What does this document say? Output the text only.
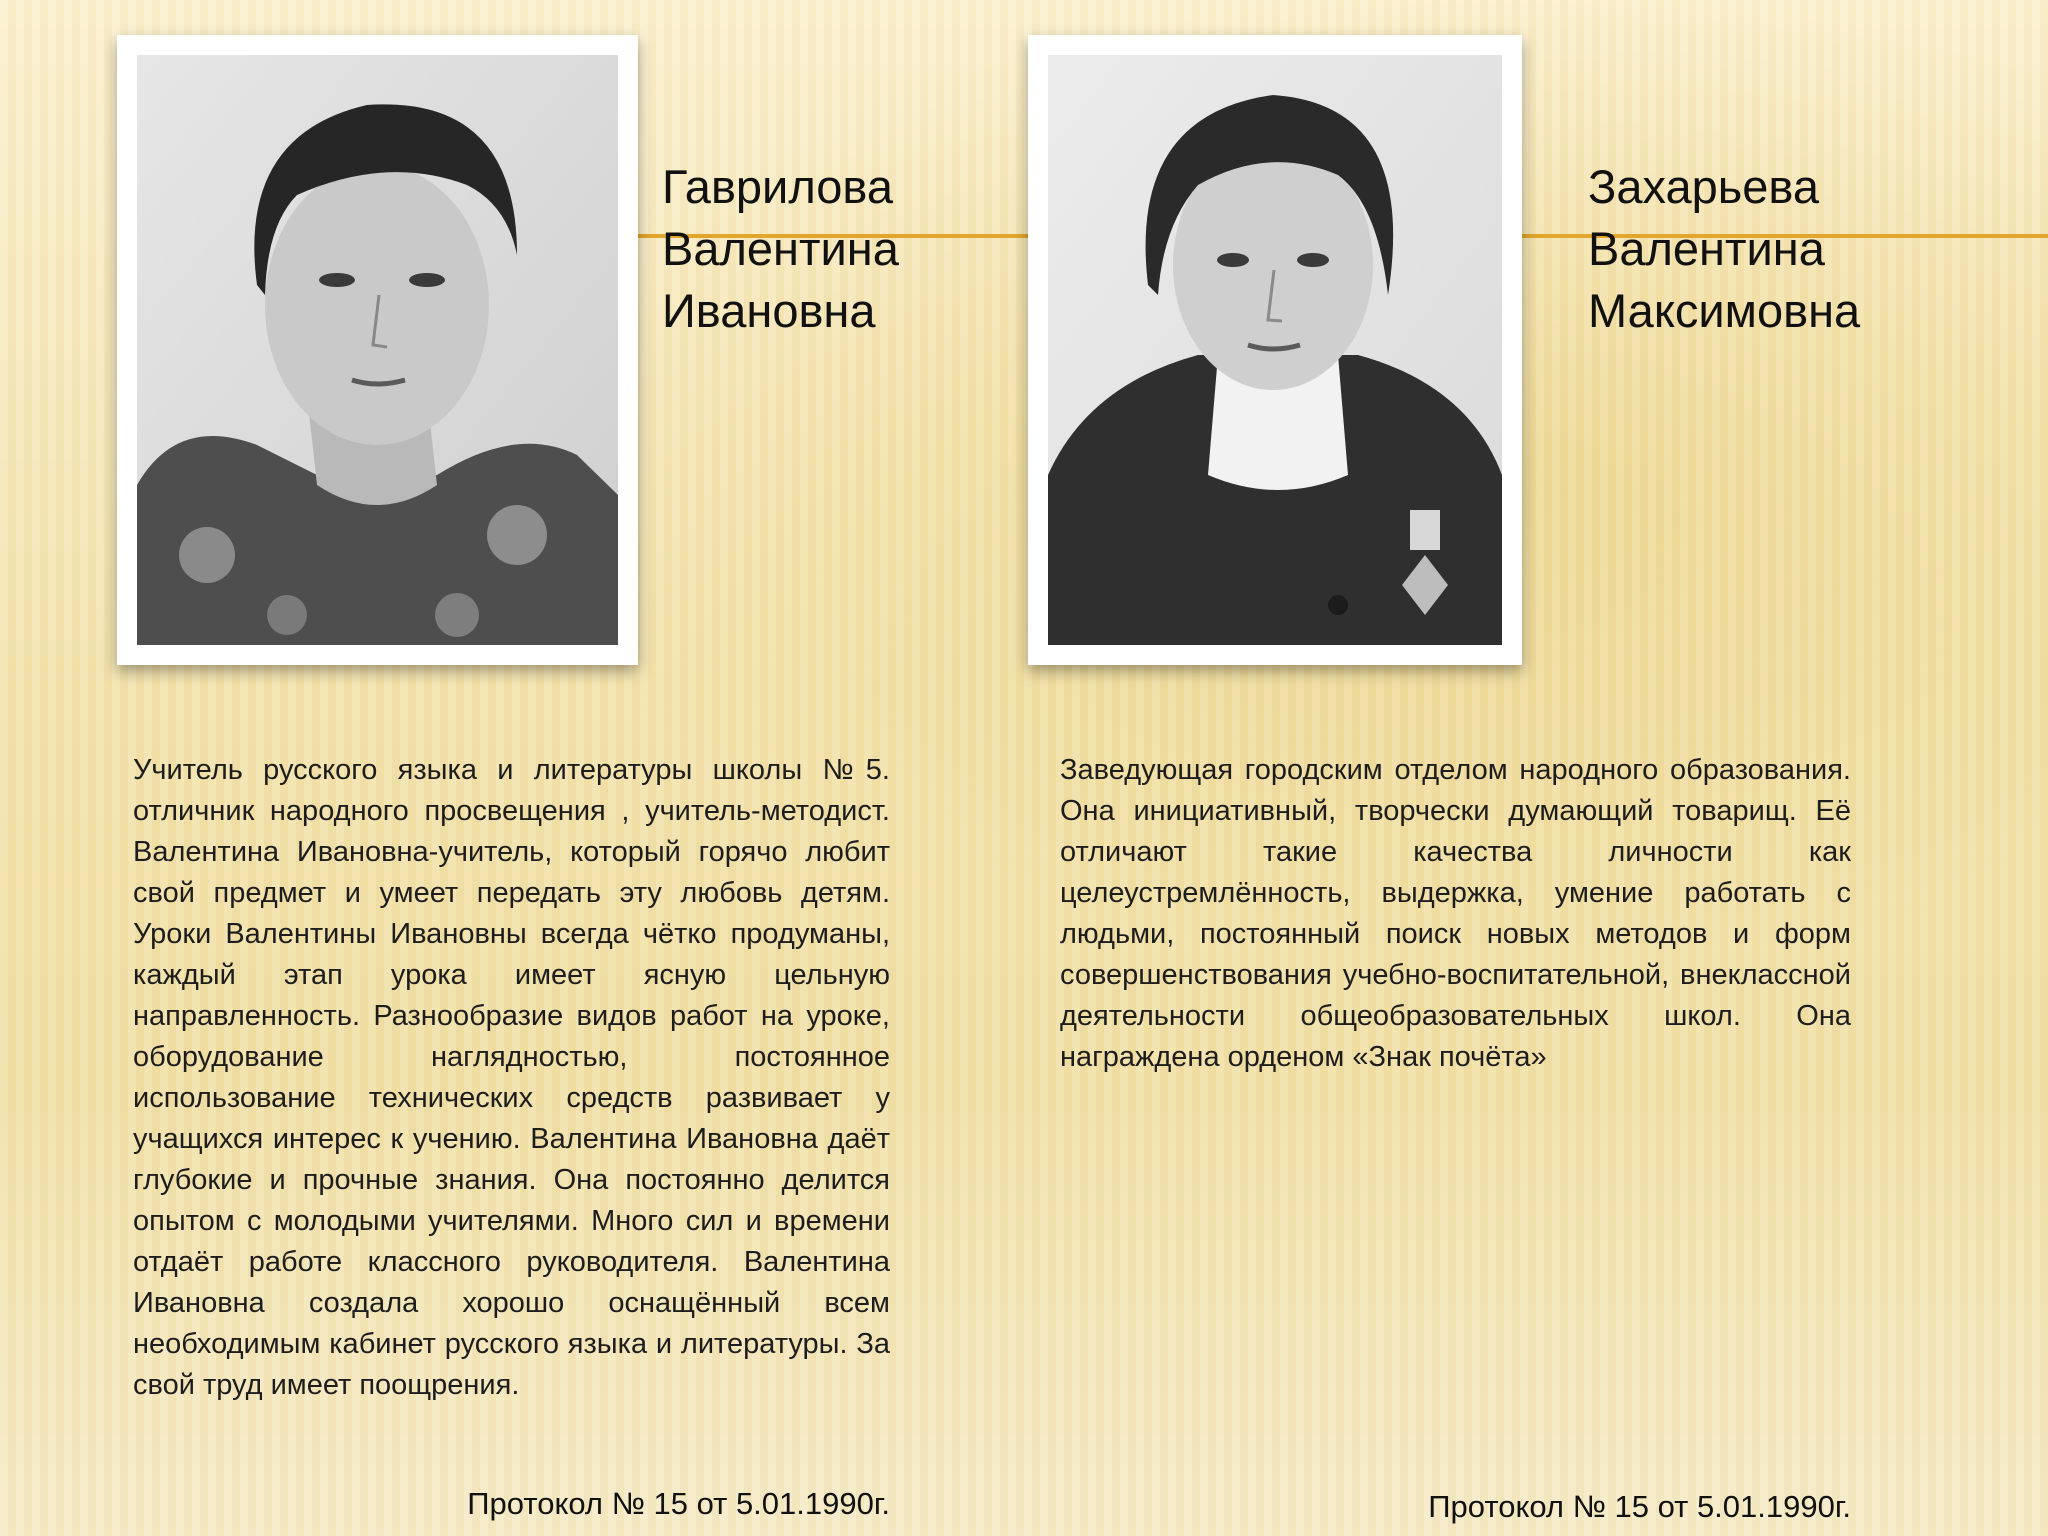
Гаврилова
Валентина
Ивановна

Учитель русского языка и литературы школы №5. отличник народного просвещения , учитель-методист. Валентина Ивановна-учитель, который горячо любит свой предмет и умеет передать эту любовь детям. Уроки Валентины Ивановны всегда чётко продуманы, каждый этап урока имеет ясную цельную направленность. Разнообразие видов работ на уроке, оборудование наглядностью, постоянное использование технических средств развивает у учащихся интерес к учению. Валентина Ивановна даёт глубокие и прочные знания. Она постоянно делится опытом с молодыми учителями. Много сил и времени отдаёт работе классного руководителя. Валентина Ивановна создала хорошо оснащённый всем необходимым кабинет русского языка и литературы. За свой труд имеет поощрения.

Протокол № 15 от 5.01.1990г.
Захарьева
Валентина
Максимовна

Заведующая городским отделом народного образования. Она инициативный, творчески думающий товарищ. Её отличают такие качества личности как целеустремлённость, выдержка, умение работать с людьми, постоянный поиск новых методов и форм совершенствования учебно-воспитательной, внеклассной деятельности общеобразовательных школ. Она награждена орденом «Знак почёта»

Протокол № 15 от 5.01.1990г.
